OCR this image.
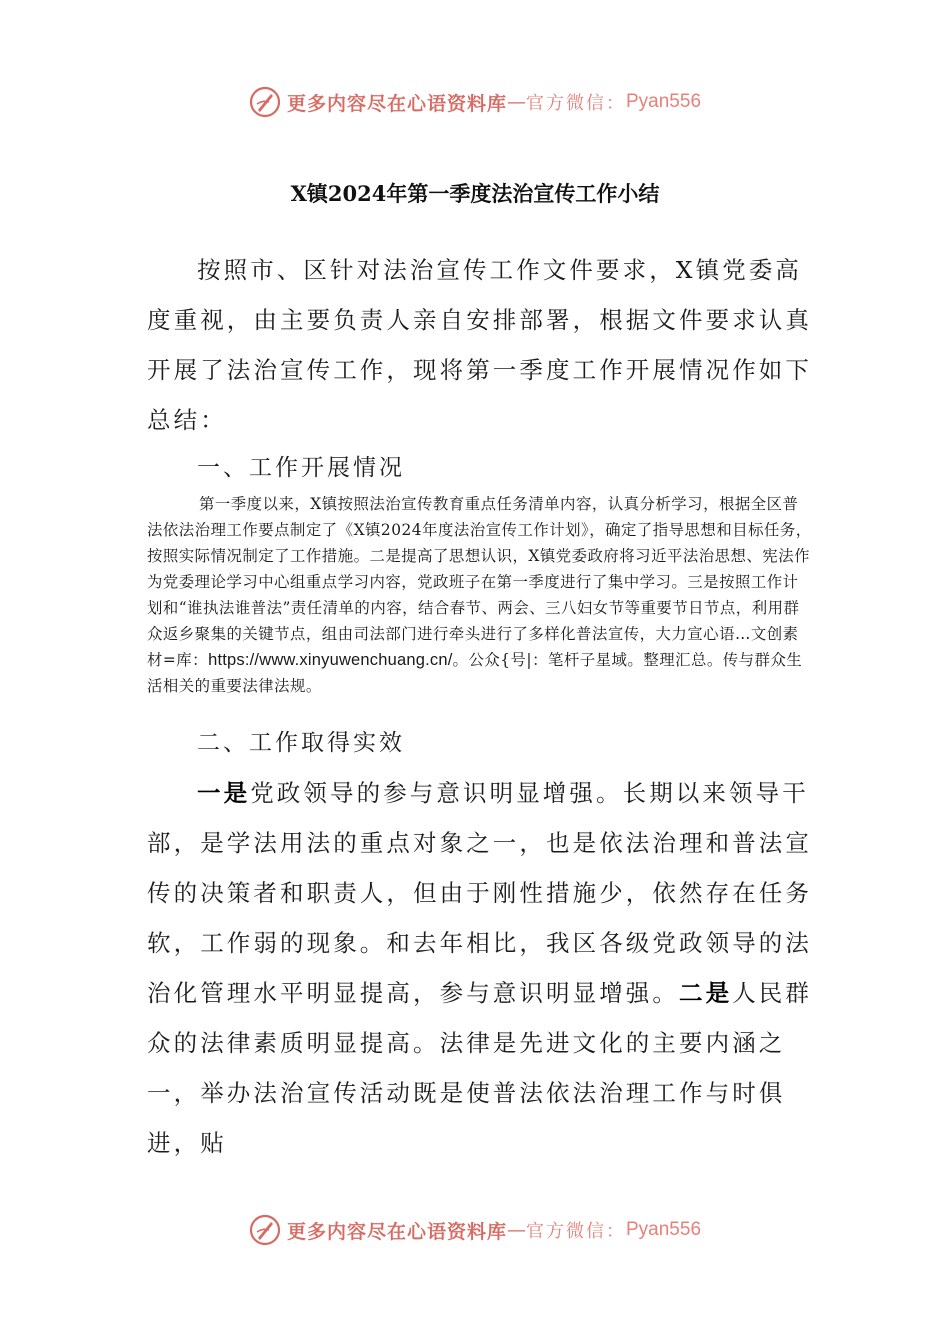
更多内容尽在心语资料库 — 官方微信： Pyan556
X镇2024年第一季度法治宣传工作小结
按照市、区针对法治宣传工作文件要求，X镇党委高度重视，由主要负责人亲自安排部署，根据文件要求认真开展了法治宣传工作，现将第一季度工作开展情况作如下总结：
一、工作开展情况
第一季度以来，X镇按照法治宣传教育重点任务清单内容，认真分析学习，根据全区普法依法治理工作要点制定了《X镇2024年度法治宣传工作计划》，确定了指导思想和目标任务，按照实际情况制定了工作措施。二是提高了思想认识，X镇党委政府将习近平法治思想、宪法作为党委理论学习中心组重点学习内容，党政班子在第一季度进行了集中学习。三是按照工作计划和“谁执法谁普法”责任清单的内容，结合春节、两会、三八妇女节等重要节日节点，利用群众返乡聚集的关键节点，组由司法部门进行牵头进行了多样化普法宣传，大力宣心语…文创素材=库：https://www.xinyuwenchuang.cn/。公众{号|：笔杆子星域。整理汇总。传与群众生活相关的重要法律法规。
二、工作取得实效
一是党政领导的参与意识明显增强。长期以来领导干部，是学法用法的重点对象之一，也是依法治理和普法宣传的决策者和职责人，但由于刚性措施少，依然存在任务软，工作弱的现象。和去年相比，我区各级党政领导的法治化管理水平明显提高，参与意识明显增强。二是人民群众的法律素质明显提高。法律是先进文化的主要内涵之一，举办法治宣传活动既是使普法依法治理工作与时俱进，贴
更多内容尽在心语资料库 — 官方微信： Pyan556
